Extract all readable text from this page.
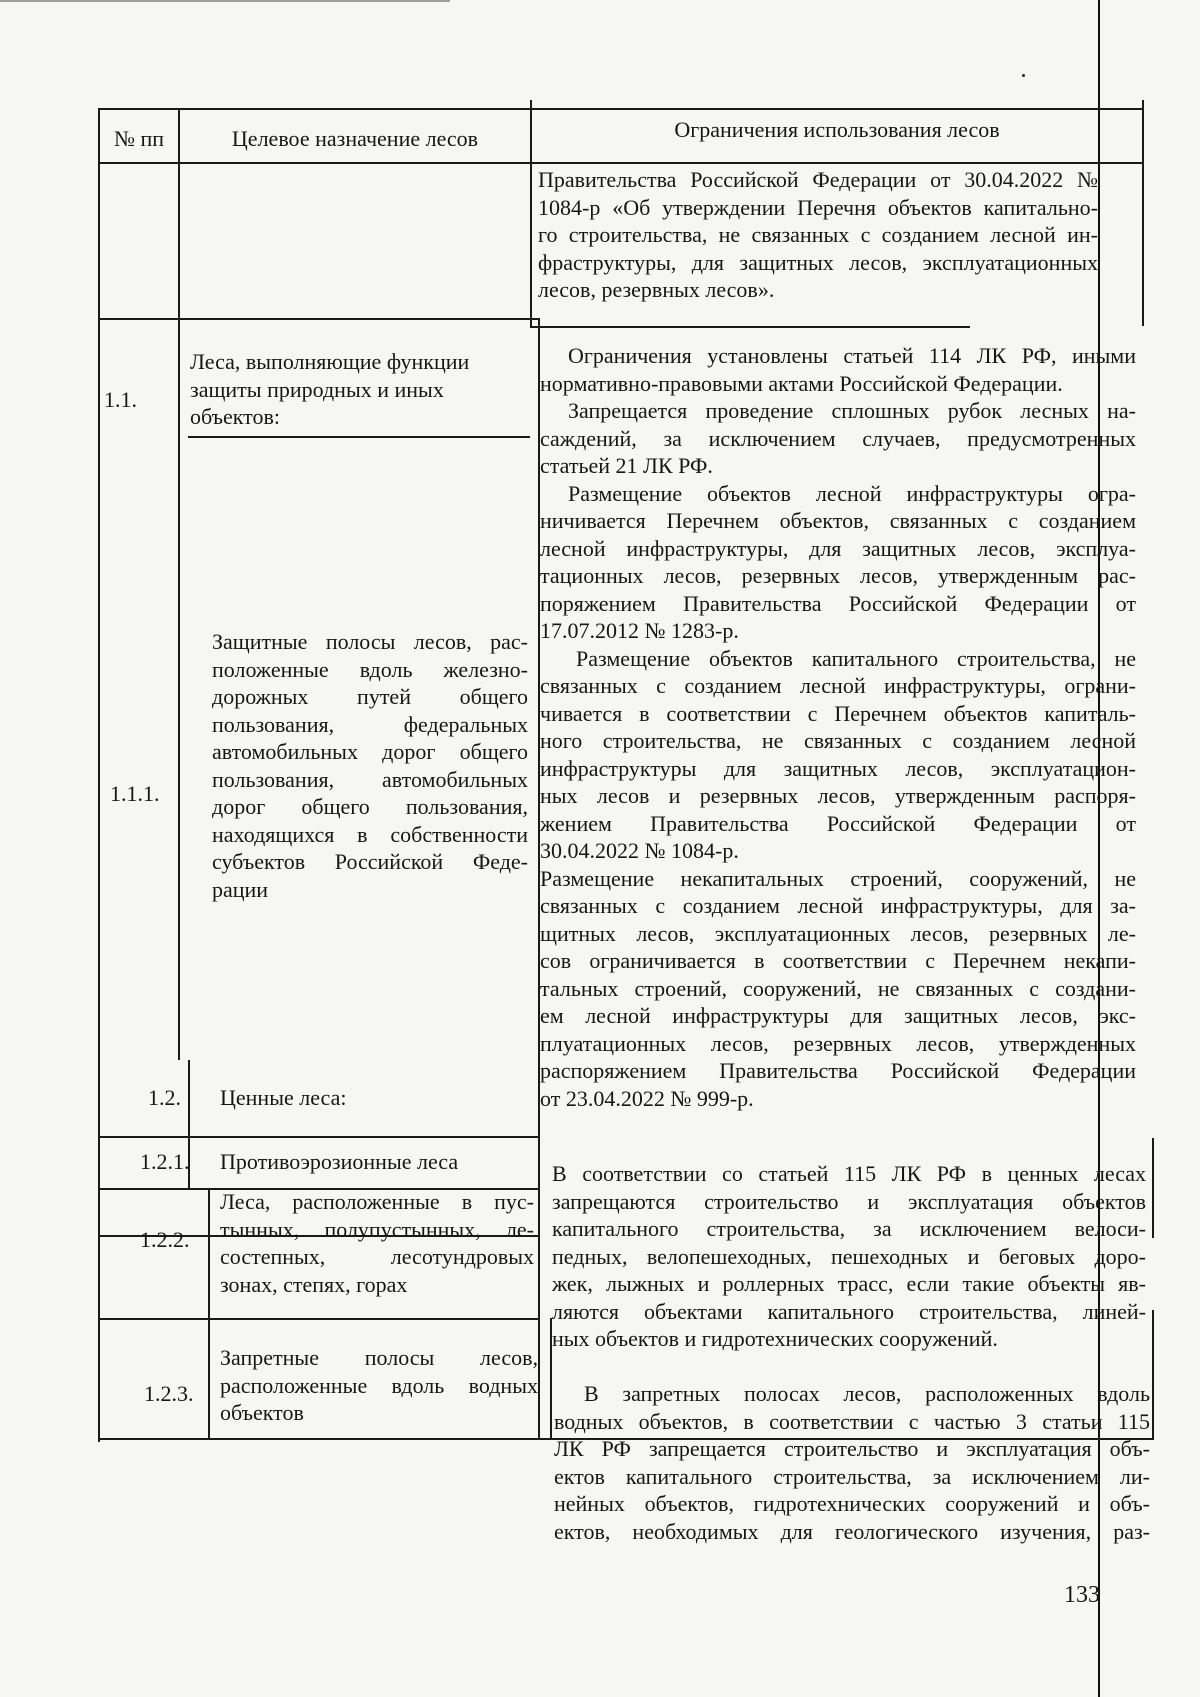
№ пп	Целевое назначение лесов	Ограничения использования лесов
Правительства Российской Федерации от 30.04.2022 №
1084-р «Об утверждении Перечня объектов капитально-
го строительства, не связанных с созданием лесной ин-
фраструктуры, для защитных лесов, эксплуатационных
лесов, резервных лесов».
1.1.
Леса, выполняющие функции
защиты природных и иных
объектов:
1.1.1.
Защитные полосы лесов, рас-
положенные вдоль железно-
дорожных путей общего
пользования, федеральных
автомобильных дорог общего
пользования, автомобильных
дорог общего пользования,
находящихся в собственности
субъектов Российской Феде-
рации
Ограничения установлены статьей 114 ЛК РФ, иными
нормативно-правовыми актами Российской Федерации.
Запрещается проведение сплошных рубок лесных на-
саждений, за исключением случаев, предусмотренных
статьей 21 ЛК РФ.
Размещение объектов лесной инфраструктуры огра-
ничивается Перечнем объектов, связанных с созданием
лесной инфраструктуры, для защитных лесов, эксплуа-
тационных лесов, резервных лесов, утвержденным рас-
поряжением Правительства Российской Федерации от
17.07.2012 № 1283-р.
Размещение объектов капитального строительства, не
связанных с созданием лесной инфраструктуры, ограни-
чивается в соответствии с Перечнем объектов капиталь-
ного строительства, не связанных с созданием лесной
инфраструктуры для защитных лесов, эксплуатацион-
ных лесов и резервных лесов, утвержденным распоря-
жением Правительства Российской Федерации от
30.04.2022 № 1084-р.
Размещение некапитальных строений, сооружений, не
связанных с созданием лесной инфраструктуры, для за-
щитных лесов, эксплуатационных лесов, резервных ле-
сов ограничивается в соответствии с Перечнем некапи-
тальных строений, сооружений, не связанных с создани-
ем лесной инфраструктуры для защитных лесов, экс-
плуатационных лесов, резервных лесов, утвержденных
распоряжением Правительства Российской Федерации
от 23.04.2022 № 999-р.
1.2. Ценные леса:
1.2.1. Противоэрозионные леса
1.2.2.
Леса, расположенные в пус-
тынных, полупустынных, ле-
состепных, лесотундровых
зонах, степях, горах
1.2.3.
Запретные полосы лесов,
расположенные вдоль водных
объектов
В соответствии со статьей 115 ЛК РФ в ценных лесах
запрещаются строительство и эксплуатация объектов
капитального строительства, за исключением велоси-
педных, велопешеходных, пешеходных и беговых доро-
жек, лыжных и роллерных трасс, если такие объекты яв-
ляются объектами капитального строительства, линей-
ных объектов и гидротехнических сооружений.
В запретных полосах лесов, расположенных вдоль
водных объектов, в соответствии с частью 3 статьи 115
ЛК РФ запрещается строительство и эксплуатация объ-
ектов капитального строительства, за исключением ли-
нейных объектов, гидротехнических сооружений и объ-
ектов, необходимых для геологического изучения, раз-
133
